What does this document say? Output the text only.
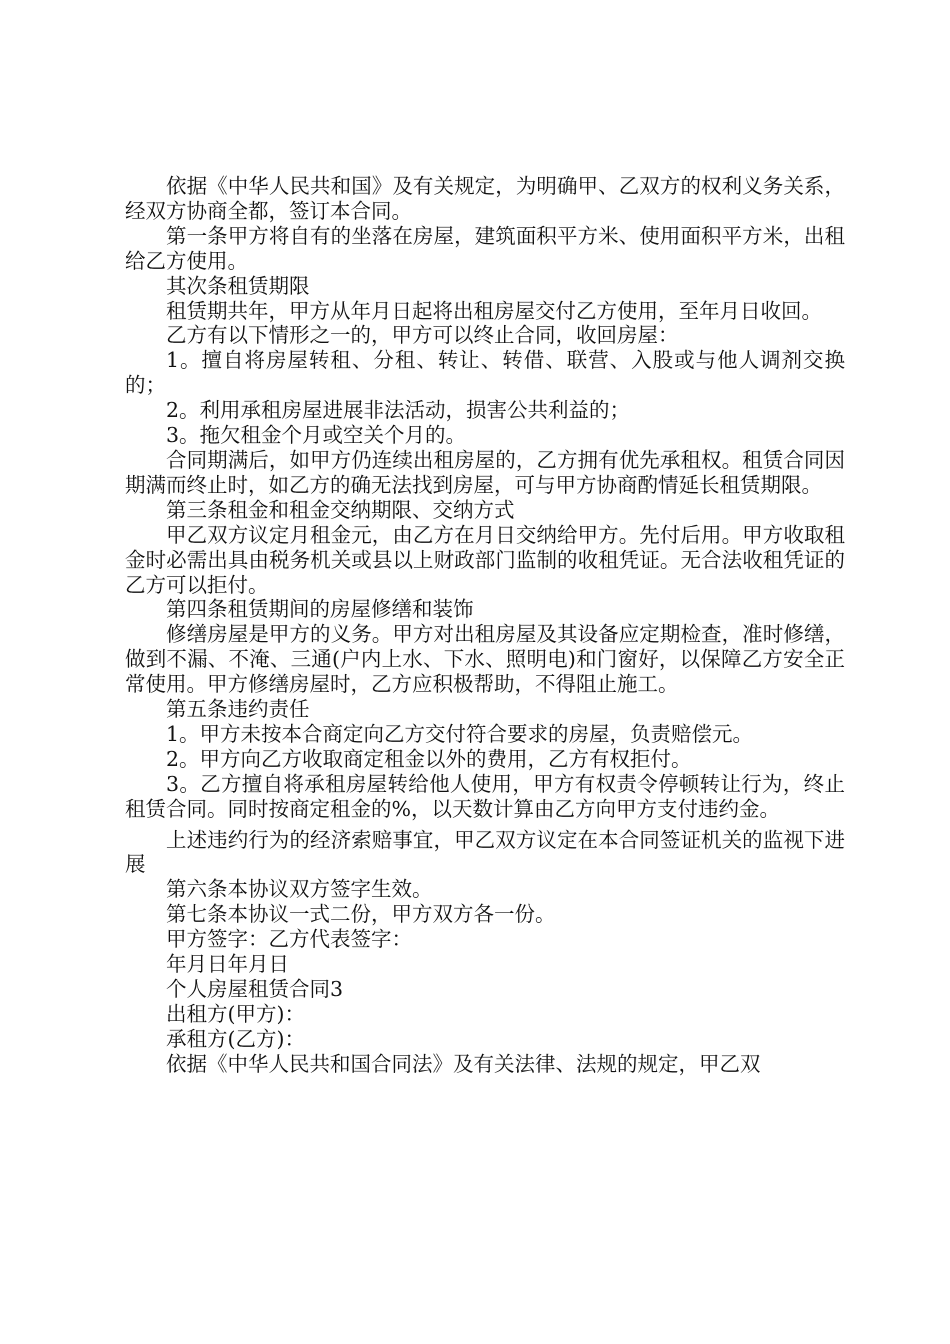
依据《中华人民共和国》及有关规定，为明确甲、乙双方的权利义务关系，经双方协商全都，签订本合同。

第一条甲方将自有的坐落在房屋，建筑面积平方米、使用面积平方米，出租给乙方使用。

其次条租赁期限

租赁期共年，甲方从年月日起将出租房屋交付乙方使用，至年月日收回。

乙方有以下情形之一的，甲方可以终止合同，收回房屋：

1。擅自将房屋转租、分租、转让、转借、联营、入股或与他人调剂交换的；

2。利用承租房屋进展非法活动，损害公共利益的；

3。拖欠租金个月或空关个月的。

合同期满后，如甲方仍连续出租房屋的，乙方拥有优先承租权。租赁合同因期满而终止时，如乙方的确无法找到房屋，可与甲方协商酌情延长租赁期限。

第三条租金和租金交纳期限、交纳方式

甲乙双方议定月租金元，由乙方在月日交纳给甲方。先付后用。甲方收取租金时必需出具由税务机关或县以上财政部门监制的收租凭证。无合法收租凭证的乙方可以拒付。

第四条租赁期间的房屋修缮和装饰

修缮房屋是甲方的义务。甲方对出租房屋及其设备应定期检查，准时修缮，做到不漏、不淹、三通(户内上水、下水、照明电)和门窗好，以保障乙方安全正常使用。甲方修缮房屋时，乙方应积极帮助，不得阻止施工。

第五条违约责任

1。甲方未按本合商定向乙方交付符合要求的房屋，负责赔偿元。

2。甲方向乙方收取商定租金以外的费用，乙方有权拒付。

3。乙方擅自将承租房屋转给他人使用，甲方有权责令停顿转让行为，终止租赁合同。同时按商定租金的%，以天数计算由乙方向甲方支付违约金。

上述违约行为的经济索赔事宜，甲乙双方议定在本合同签证机关的监视下进展

第六条本协议双方签字生效。

第七条本协议一式二份，甲方双方各一份。

甲方签字：乙方代表签字：

年月日年月日

个人房屋租赁合同3

出租方(甲方)：

承租方(乙方)：

依据《中华人民共和国合同法》及有关法律、法规的规定，甲乙双
